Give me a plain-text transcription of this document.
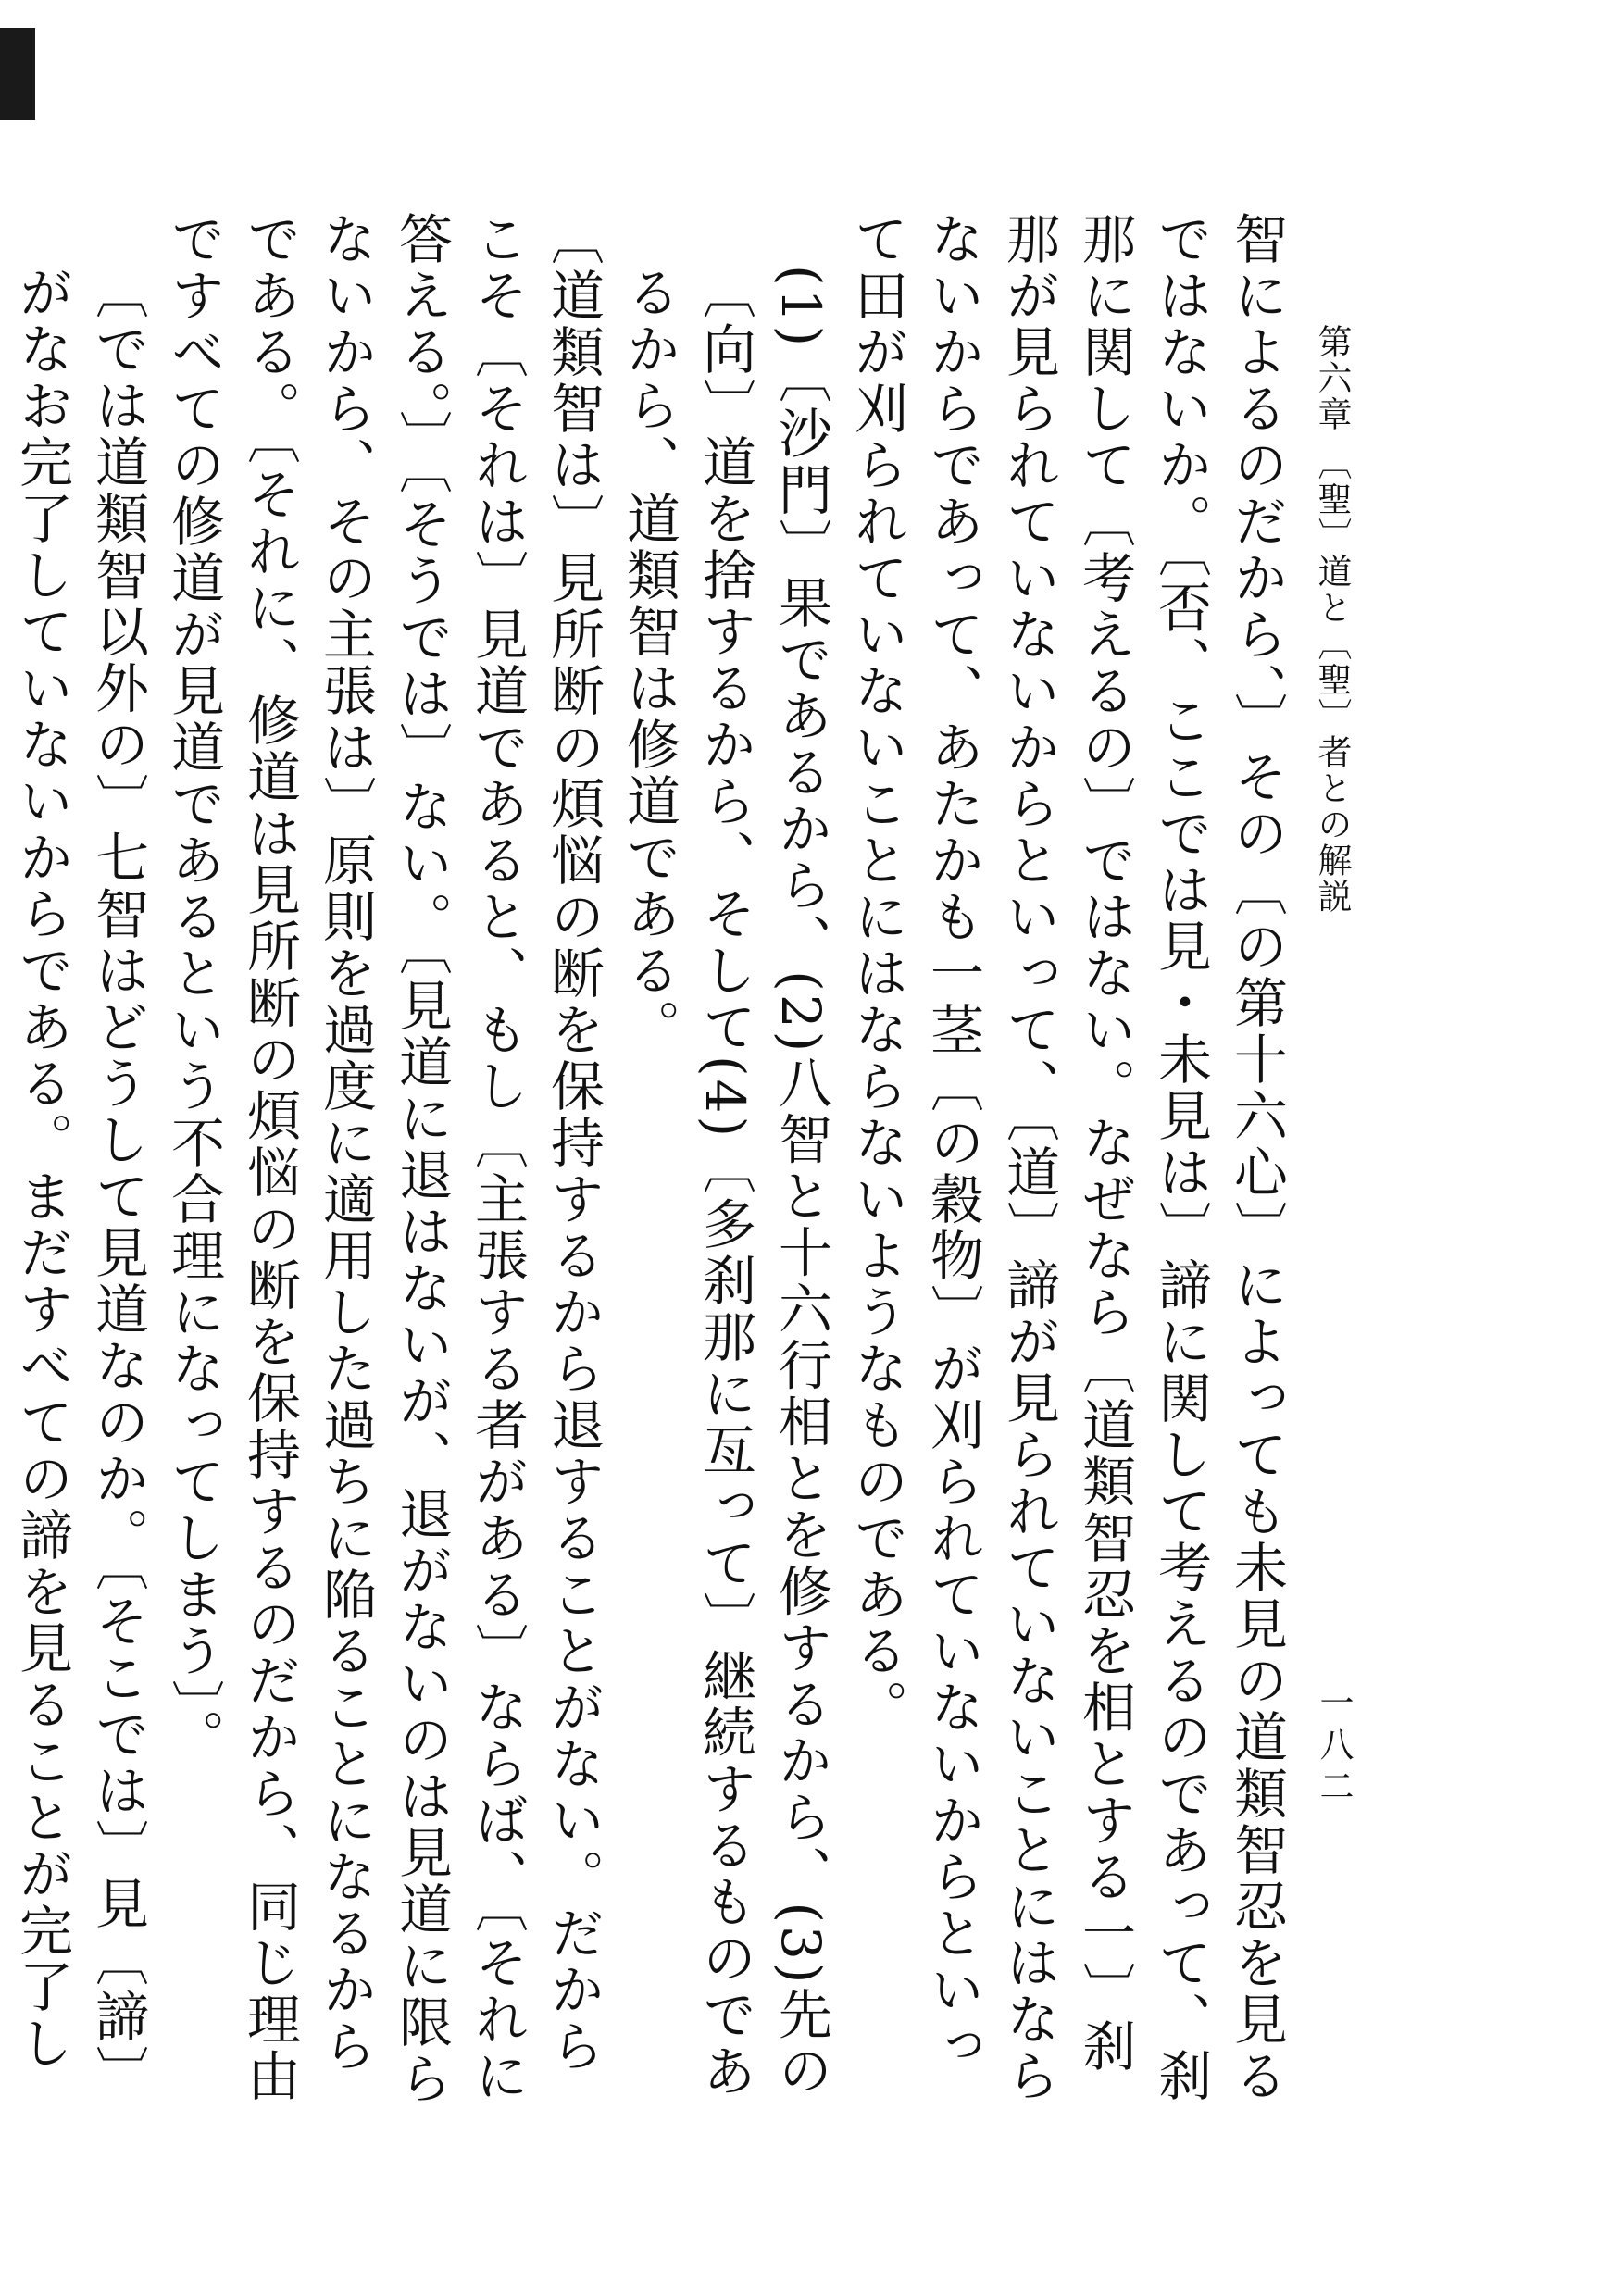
第六章 〔聖〕道と〔聖〕者との解説
一八二

智によるのだから、〕その〔の第十六心〕によっても未見の道類智忍を見るではないか。〔否、ここでは見・未見は〕諦に関して考えるのであって、刹那に関して〔考えるの〕ではない。なぜなら〔道類智忍を相とする一〕刹那が見られていないからといって、〔道〕諦が見られていないことにはならないからであって、あたかも一茎〔の穀物〕が刈られていないからといって田が刈られていないことにはならないようなものである。

(1)〔沙門〕果であるから、(2)八智と十六行相とを修するから、(3)先の〔向〕道を捨するから、そして(4)〔多刹那に亙って〕継続するものであるから、道類智は修道である。

〔道類智は〕見所断の煩悩の断を保持するから退することがない。だからこそ〔それは〕見道であると、もし〔主張する者がある〕ならば、〔それに答える。〕〔そうでは〕ない。〔見道に退はないが、退がないのは見道に限らないから、その主張は〕原則を過度に適用した過ちに陥ることになるからである。〔それに、修道は見所断の煩悩の断を保持するのだから、同じ理由ですべての修道が見道であるという不合理になってしまう〕。

〔では道類智以外の〕七智はどうして見道なのか。〔そこでは〕見〔諦〕がなお完了していないからである。まだすべての諦を見ることが完了し
